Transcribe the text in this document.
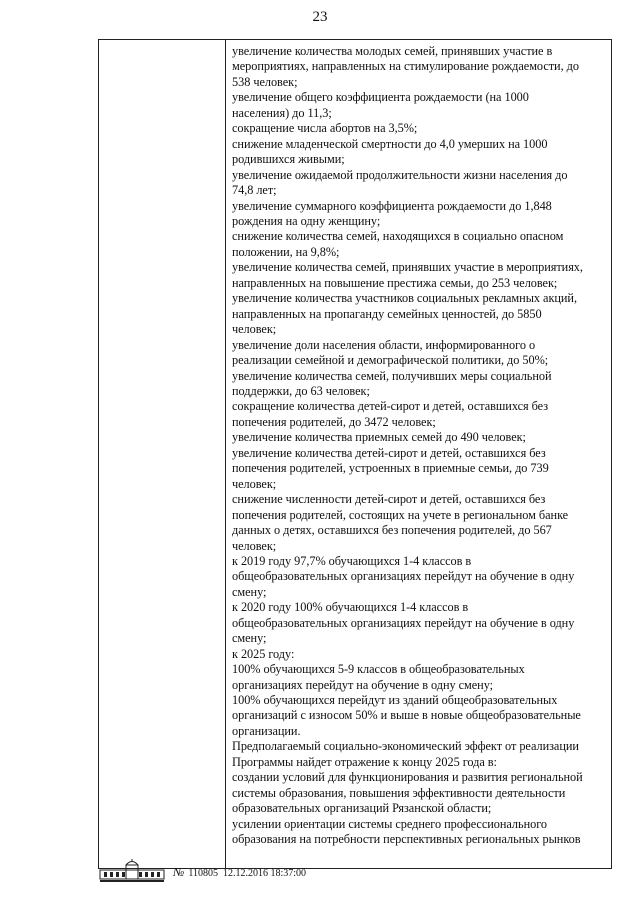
23
увеличение количества молодых семей, принявших участие в
мероприятиях, направленных на стимулирование рождаемости, до
538 человек;
увеличение общего коэффициента рождаемости (на 1000
населения) до 11,3;
сокращение числа абортов на 3,5%;
снижение младенческой смертности до 4,0 умерших на 1000
родившихся живыми;
увеличение ожидаемой продолжительности жизни населения до
74,8 лет;
увеличение суммарного коэффициента рождаемости до 1,848
рождения на одну женщину;
снижение количества семей, находящихся в социально опасном
положении, на 9,8%;
увеличение количества семей, принявших участие в мероприятиях,
направленных на повышение престижа семьи, до 253 человек;
увеличение количества участников социальных рекламных акций,
направленных на пропаганду семейных ценностей, до 5850
человек;
увеличение доли населения области, информированного о
реализации семейной и демографической политики, до 50%;
увеличение количества семей, получивших меры социальной
поддержки, до 63 человек;
сокращение количества детей-сирот и детей, оставшихся без
попечения родителей, до 3472 человек;
увеличение количества приемных семей до 490 человек;
увеличение количества детей-сирот и детей, оставшихся без
попечения родителей, устроенных в приемные семьи, до 739
человек;
снижение численности детей-сирот и детей, оставшихся без
попечения родителей, состоящих на учете в региональном банке
данных о детях, оставшихся без попечения родителей, до 567
человек;
к 2019 году 97,7% обучающихся 1-4 классов в
общеобразовательных организациях перейдут на обучение в одну
смену;
к 2020 году 100% обучающихся 1-4 классов в
общеобразовательных организациях перейдут на обучение в одну
смену;
к 2025 году:
100% обучающихся 5-9 классов в общеобразовательных
организациях перейдут на обучение в одну смену;
100% обучающихся перейдут из зданий общеобразовательных
организаций с износом 50% и выше в новые общеобразовательные
организации.
Предполагаемый социально-экономический эффект от реализации
Программы найдет отражение к концу 2025 года в:
создании условий для функционирования и развития региональной
системы образования, повышения эффективности деятельности
образовательных организаций Рязанской области;
усилении ориентации системы среднего профессионального
образования на потребности перспективных региональных рынков
№ 110805 12.12.2016 18:37:00
